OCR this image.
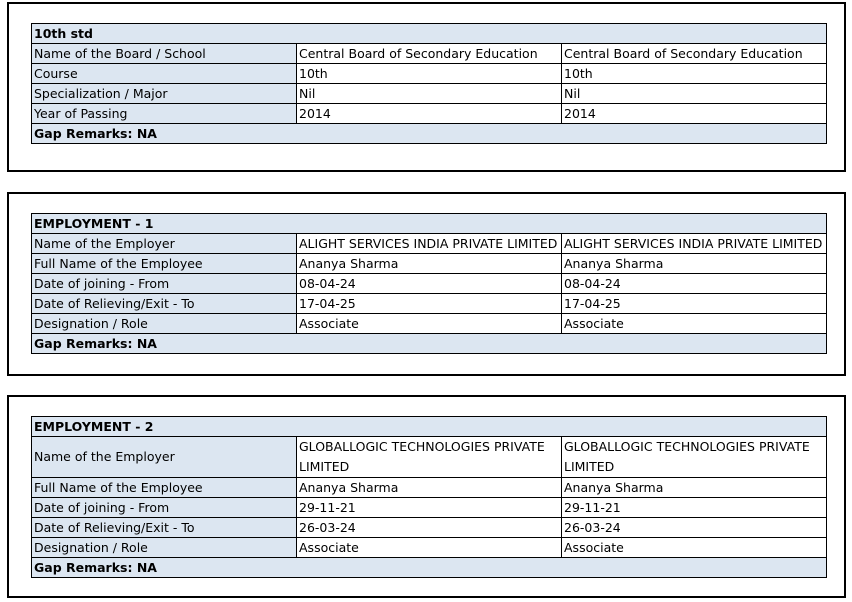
10th std		
Name of the Board / School	Central Board of Secondary Education	Central Board of Secondary Education
Course	10th	10th
Specialization / Major	Nil	Nil
Year of Passing	2014	2014
Gap Remarks: NA		
EMPLOYMENT - 1		
Name of the Employer	ALIGHT SERVICES INDIA PRIVATE LIMITED	ALIGHT SERVICES INDIA PRIVATE LIMITED
Full Name of the Employee	Ananya Sharma	Ananya Sharma
Date of joining - From	08-04-24	08-04-24
Date of Relieving/Exit - To	17-04-25	17-04-25
Designation / Role	Associate	Associate
Gap Remarks: NA		
EMPLOYMENT - 2		
Name of the Employer	GLOBALLOGIC TECHNOLOGIES PRIVATE LIMITED	GLOBALLOGIC TECHNOLOGIES PRIVATE LIMITED
Full Name of the Employee	Ananya Sharma	Ananya Sharma
Date of joining - From	29-11-21	29-11-21
Date of Relieving/Exit - To	26-03-24	26-03-24
Designation / Role	Associate	Associate
Gap Remarks: NA		
